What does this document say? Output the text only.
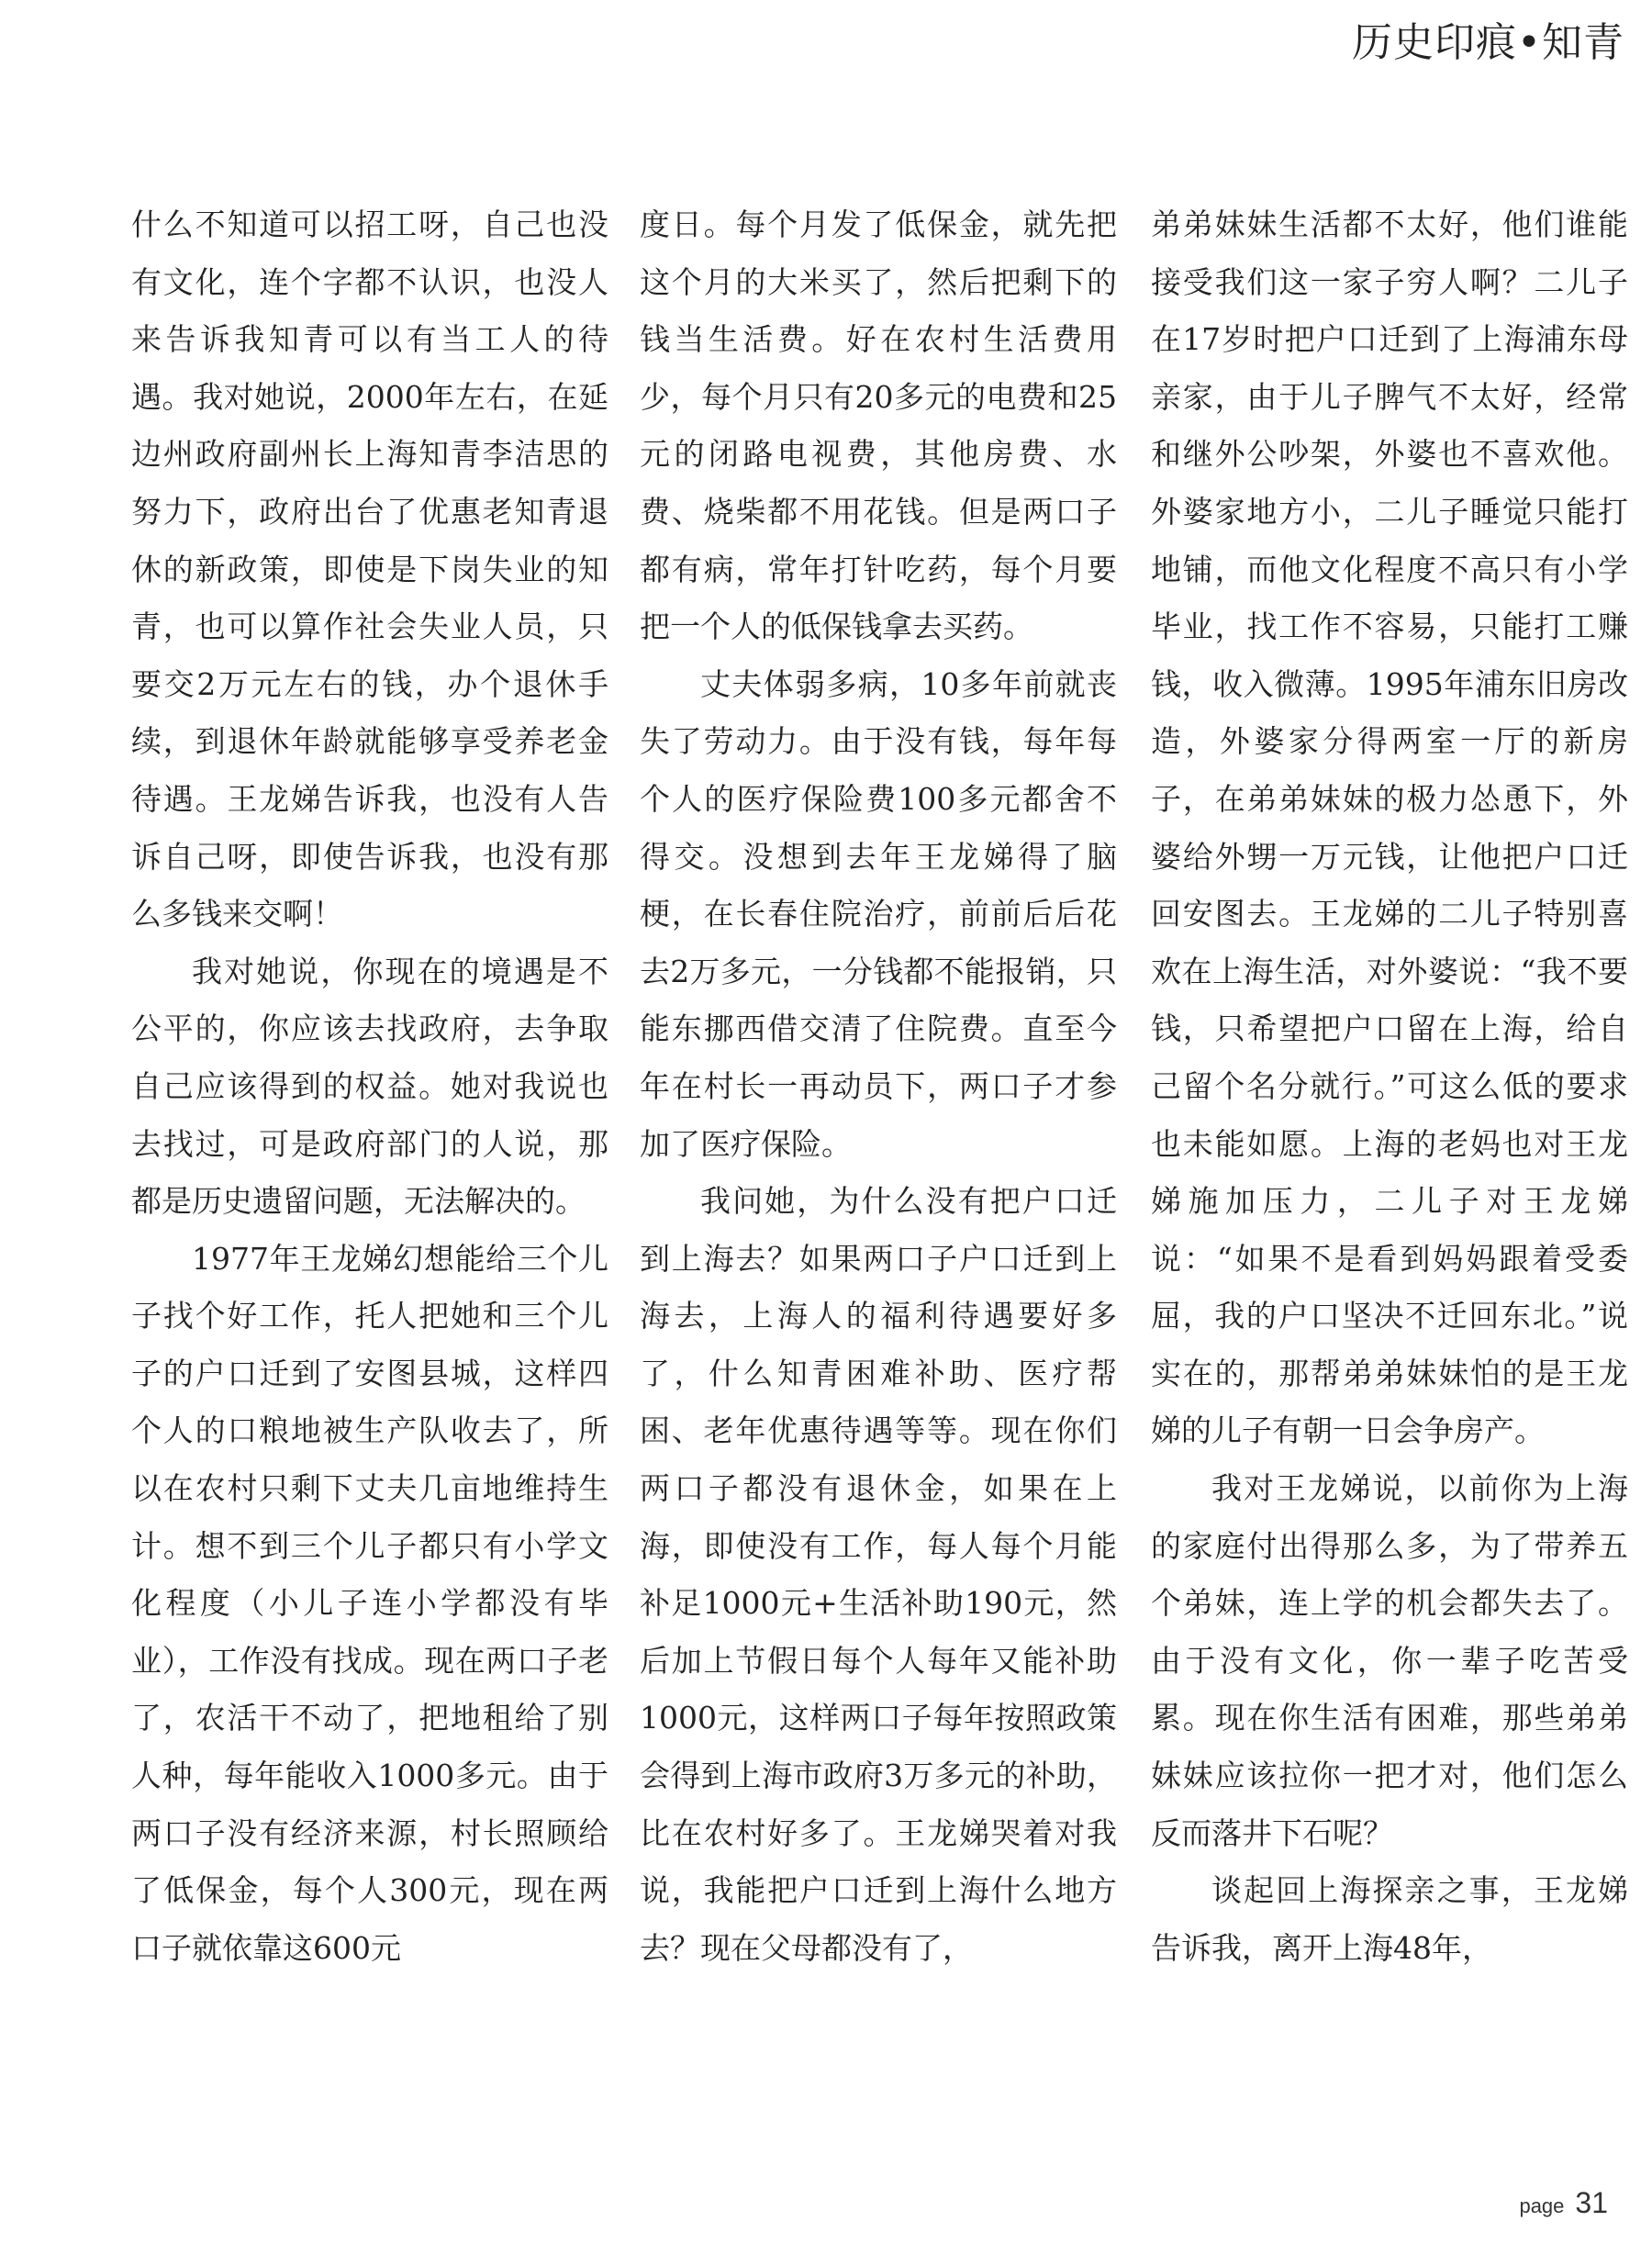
历史印痕•知青

什么不知道可以招工呀，自己也没有文化，连个字都不认识，也没人来告诉我知青可以有当工人的待遇。我对她说，2000年左右，在延边州政府副州长上海知青李洁思的努力下，政府出台了优惠老知青退休的新政策，即使是下岗失业的知青，也可以算作社会失业人员，只要交2万元左右的钱，办个退休手续，到退休年龄就能够享受养老金待遇。王龙娣告诉我，也没有人告诉自己呀，即使告诉我，也没有那么多钱来交啊！

我对她说，你现在的境遇是不公平的，你应该去找政府，去争取自己应该得到的权益。她对我说也去找过，可是政府部门的人说，那都是历史遗留问题，无法解决的。

1977年王龙娣幻想能给三个儿子找个好工作，托人把她和三个儿子的户口迁到了安图县城，这样四个人的口粮地被生产队收去了，所以在农村只剩下丈夫几亩地维持生计。想不到三个儿子都只有小学文化程度（小儿子连小学都没有毕业），工作没有找成。现在两口子老了，农活干不动了，把地租给了别人种，每年能收入1000多元。由于两口子没有经济来源，村长照顾给了低保金，每个人300元，现在两口子就依靠这600元

度日。每个月发了低保金，就先把这个月的大米买了，然后把剩下的钱当生活费。好在农村生活费用少，每个月只有20多元的电费和25元的闭路电视费，其他房费、水费、烧柴都不用花钱。但是两口子都有病，常年打针吃药，每个月要把一个人的低保钱拿去买药。

丈夫体弱多病，10多年前就丧失了劳动力。由于没有钱，每年每个人的医疗保险费100多元都舍不得交。没想到去年王龙娣得了脑梗，在长春住院治疗，前前后后花去2万多元，一分钱都不能报销，只能东挪西借交清了住院费。直至今年在村长一再动员下，两口子才参加了医疗保险。

我问她，为什么没有把户口迁到上海去？如果两口子户口迁到上海去，上海人的福利待遇要好多了，什么知青困难补助、医疗帮困、老年优惠待遇等等。现在你们两口子都没有退休金，如果在上海，即使没有工作，每人每个月能补足1000元+生活补助190元，然后加上节假日每个人每年又能补助1000元，这样两口子每年按照政策会得到上海市政府3万多元的补助，比在农村好多了。王龙娣哭着对我说，我能把户口迁到上海什么地方去？现在父母都没有了，

弟弟妹妹生活都不太好，他们谁能接受我们这一家子穷人啊？二儿子在17岁时把户口迁到了上海浦东母亲家，由于儿子脾气不太好，经常和继外公吵架，外婆也不喜欢他。外婆家地方小，二儿子睡觉只能打地铺，而他文化程度不高只有小学毕业，找工作不容易，只能打工赚钱，收入微薄。1995年浦东旧房改造，外婆家分得两室一厅的新房子，在弟弟妹妹的极力怂恿下，外婆给外甥一万元钱，让他把户口迁回安图去。王龙娣的二儿子特别喜欢在上海生活，对外婆说：“我不要钱，只希望把户口留在上海，给自己留个名分就行。”可这么低的要求也未能如愿。上海的老妈也对王龙娣施加压力，二儿子对王龙娣说：“如果不是看到妈妈跟着受委屈，我的户口坚决不迁回东北。”说实在的，那帮弟弟妹妹怕的是王龙娣的儿子有朝一日会争房产。

我对王龙娣说，以前你为上海的家庭付出得那么多，为了带养五个弟妹，连上学的机会都失去了。由于没有文化，你一辈子吃苦受累。现在你生活有困难，那些弟弟妹妹应该拉你一把才对，他们怎么反而落井下石呢？

谈起回上海探亲之事，王龙娣告诉我，离开上海48年，

page 31
